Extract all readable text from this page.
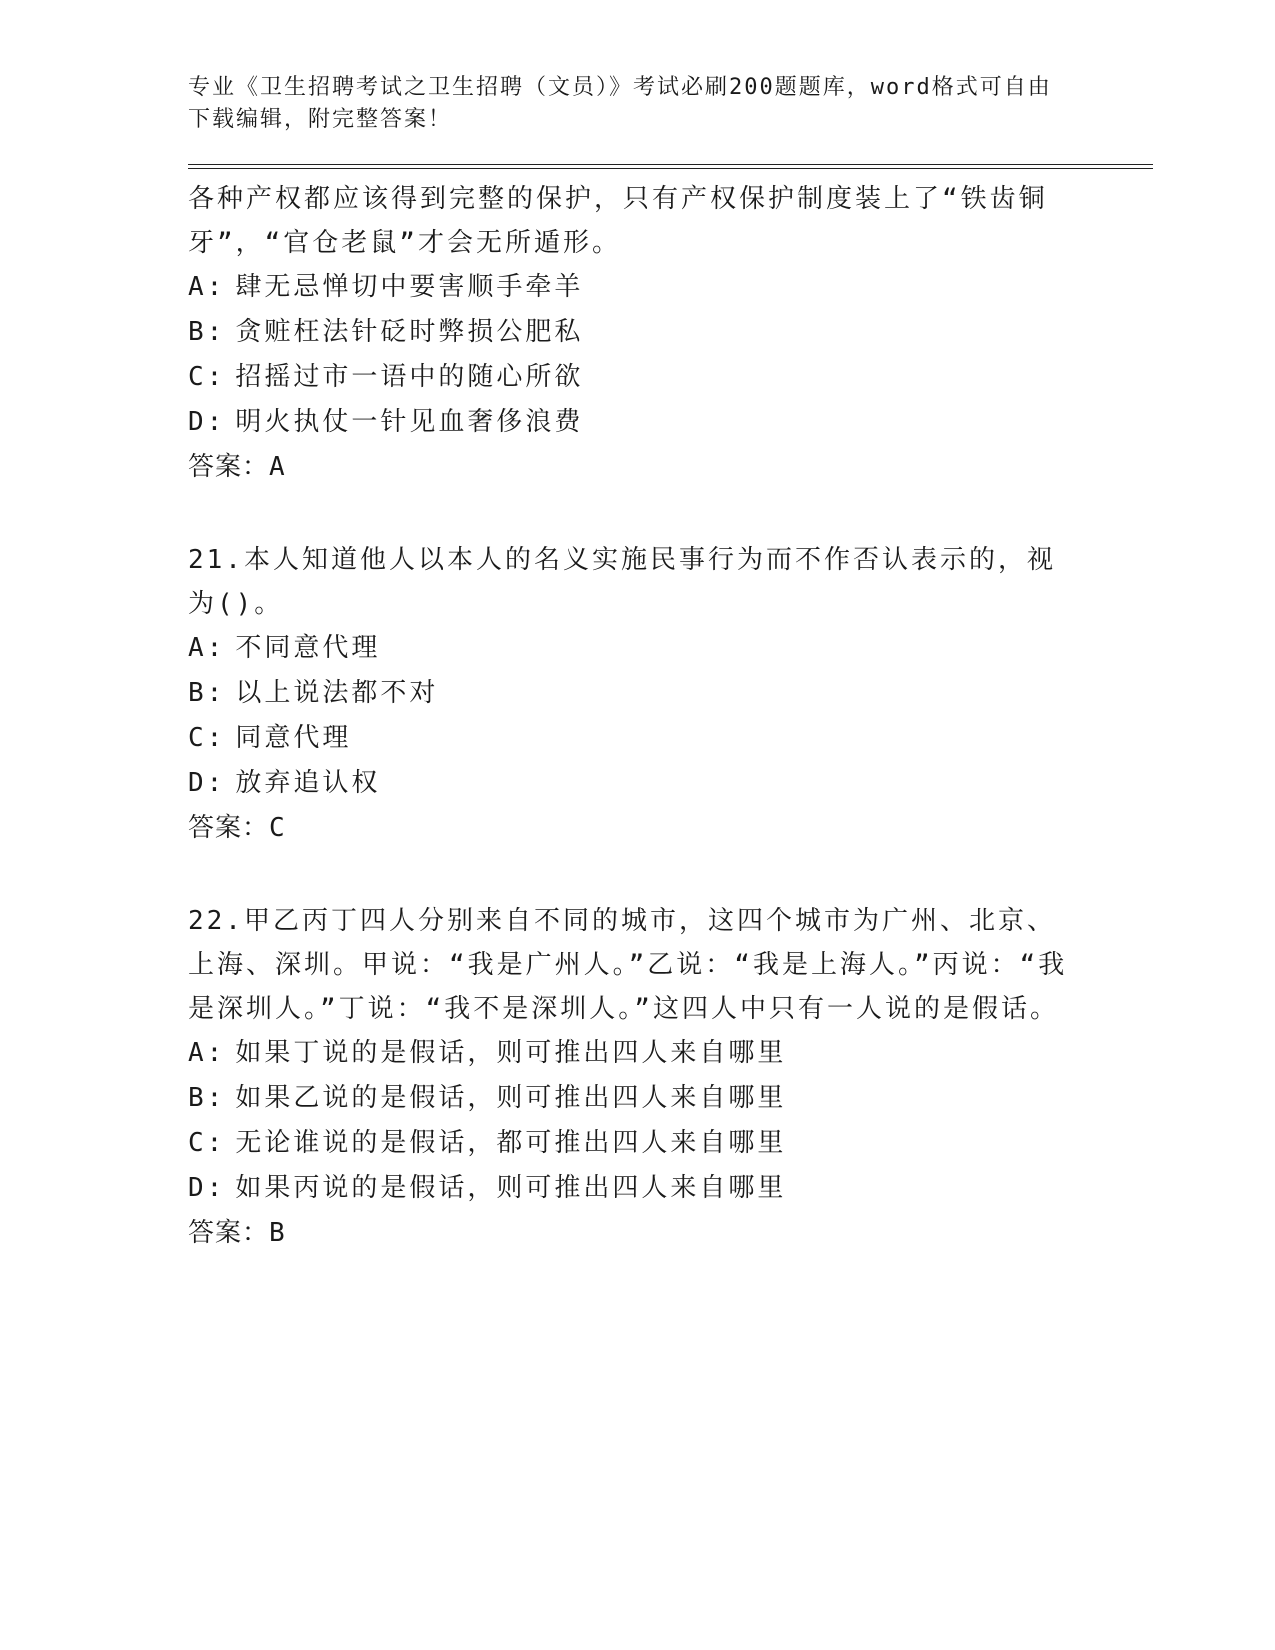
专业《卫生招聘考试之卫生招聘（文员）》考试必刷200题题库，word格式可自由下载编辑，附完整答案！
各种产权都应该得到完整的保护，只有产权保护制度装上了“铁齿铜牙”，“官仓老鼠”才会无所遁形。
A: 肆无忌惮切中要害顺手牵羊
B: 贪赃枉法针砭时弊损公肥私
C: 招摇过市一语中的随心所欲
D: 明火执仗一针见血奢侈浪费
答案：A
21.本人知道他人以本人的名义实施民事行为而不作否认表示的，视为()。
A: 不同意代理
B: 以上说法都不对
C: 同意代理
D: 放弃追认权
答案：C
22.甲乙丙丁四人分别来自不同的城市，这四个城市为广州、北京、上海、深圳。甲说：“我是广州人。”乙说：“我是上海人。”丙说：“我是深圳人。”丁说：“我不是深圳人。”这四人中只有一人说的是假话。
A: 如果丁说的是假话，则可推出四人来自哪里
B: 如果乙说的是假话，则可推出四人来自哪里
C: 无论谁说的是假话，都可推出四人来自哪里
D: 如果丙说的是假话，则可推出四人来自哪里
答案：B
